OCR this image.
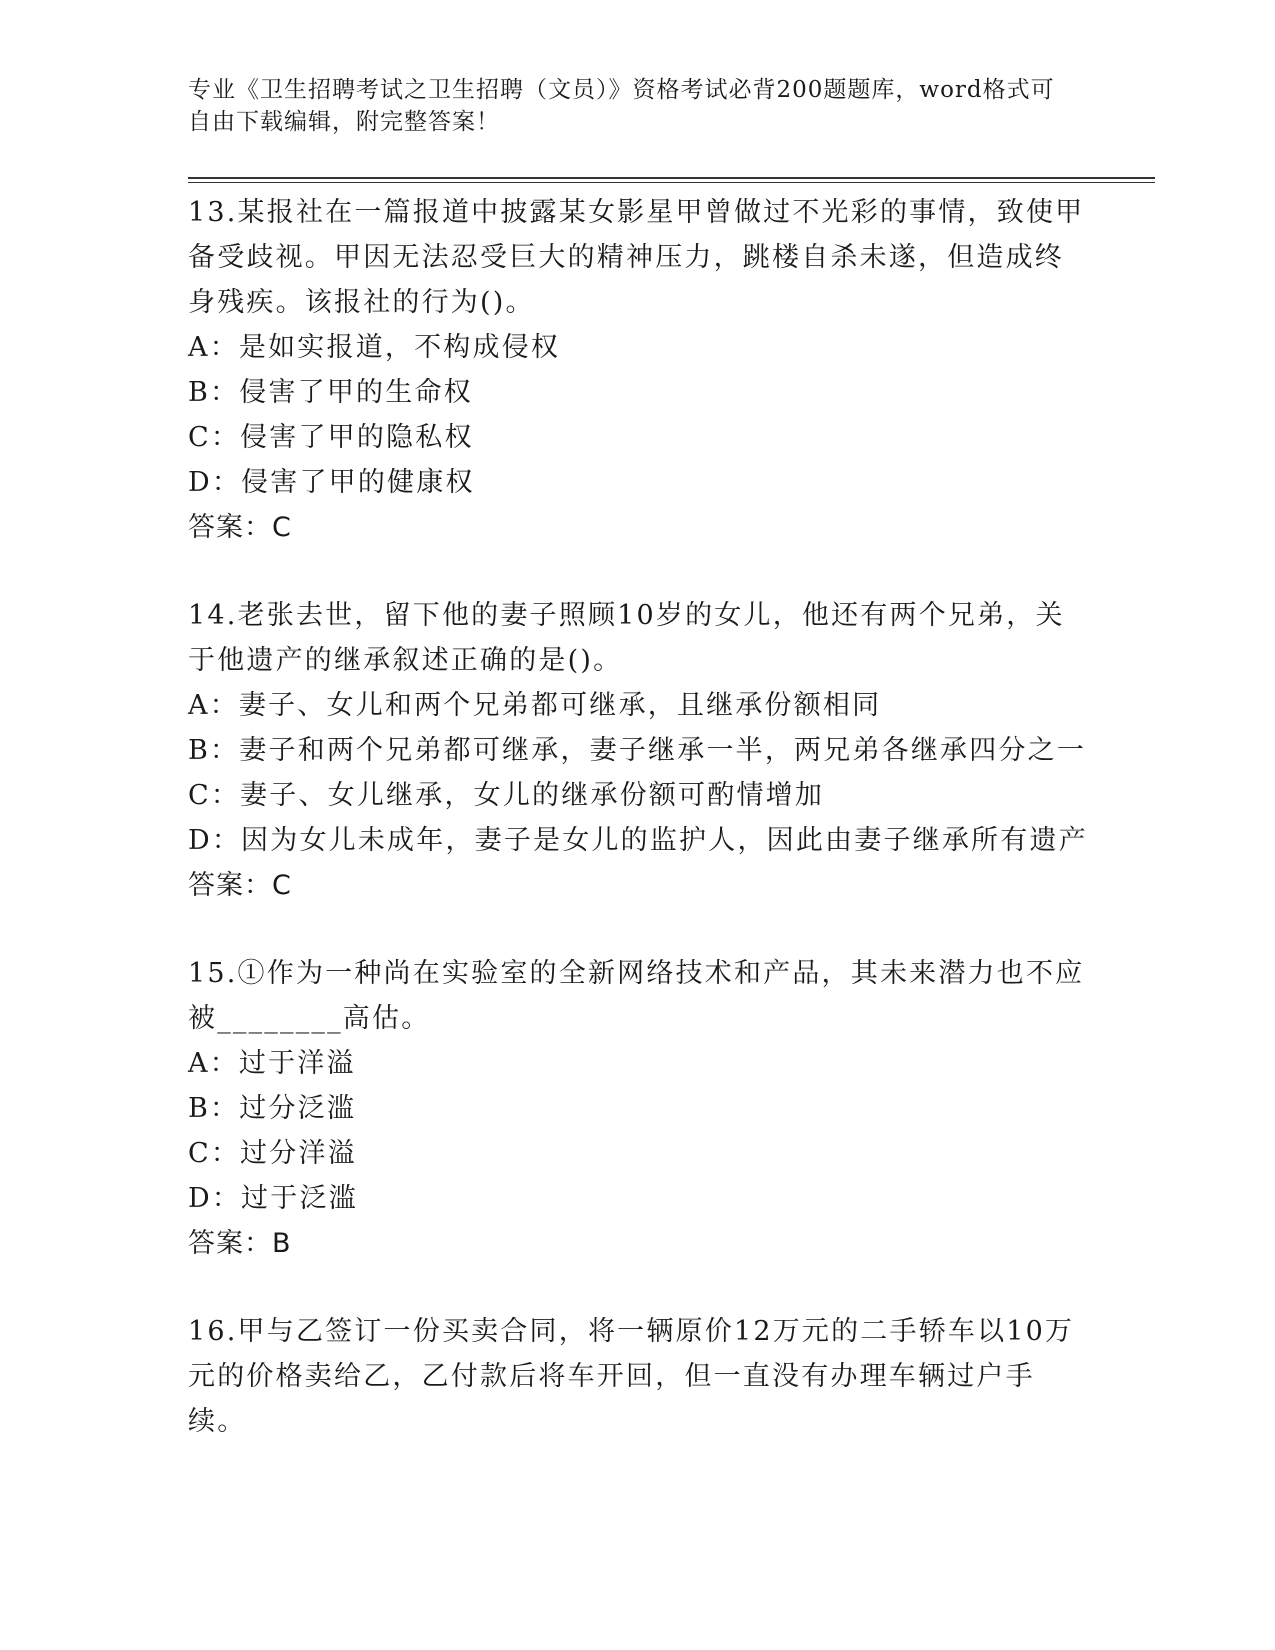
专业《卫生招聘考试之卫生招聘（文员）》资格考试必背200题题库，word格式可自由下载编辑，附完整答案！
13.某报社在一篇报道中披露某女影星甲曾做过不光彩的事情，致使甲备受歧视。甲因无法忍受巨大的精神压力，跳楼自杀未遂，但造成终身残疾。该报社的行为()。
A：是如实报道，不构成侵权
B：侵害了甲的生命权
C：侵害了甲的隐私权
D：侵害了甲的健康权
答案：C
14.老张去世，留下他的妻子照顾10岁的女儿，他还有两个兄弟，关于他遗产的继承叙述正确的是()。
A：妻子、女儿和两个兄弟都可继承，且继承份额相同
B：妻子和两个兄弟都可继承，妻子继承一半，两兄弟各继承四分之一
C：妻子、女儿继承，女儿的继承份额可酌情增加
D：因为女儿未成年，妻子是女儿的监护人，因此由妻子继承所有遗产
答案：C
15.①作为一种尚在实验室的全新网络技术和产品，其未来潜力也不应被________高估。
A：过于洋溢
B：过分泛滥
C：过分洋溢
D：过于泛滥
答案：B
16.甲与乙签订一份买卖合同，将一辆原价12万元的二手轿车以10万元的价格卖给乙，乙付款后将车开回，但一直没有办理车辆过户手续。
